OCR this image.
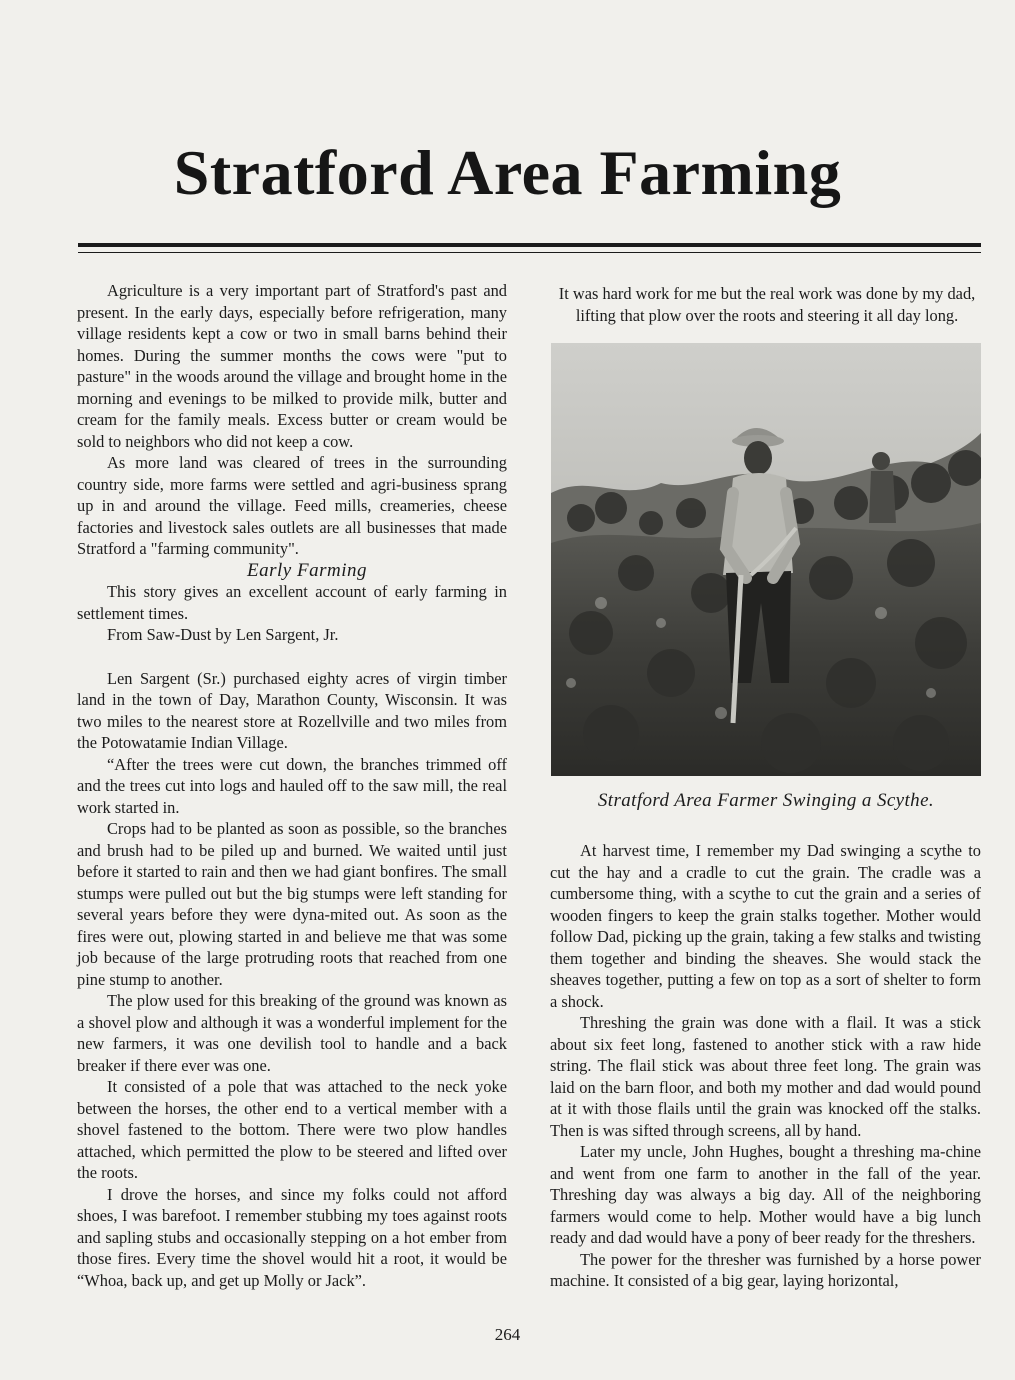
Stratford Area Farming

Agriculture is a very important part of Stratford's past and present. In the early days, especially before refrigeration, many village residents kept a cow or two in small barns behind their homes. During the summer months the cows were "put to pasture" in the woods around the village and brought home in the morning and evenings to be milked to provide milk, butter and cream for the family meals. Excess butter or cream would be sold to neighbors who did not keep a cow.

As more land was cleared of trees in the surrounding country side, more farms were settled and agri-business sprang up in and around the village. Feed mills, creameries, cheese factories and livestock sales outlets are all businesses that made Stratford a "farming community".

Early Farming

This story gives an excellent account of early farming in settlement times.

From Saw-Dust by Len Sargent, Jr.

Len Sargent (Sr.) purchased eighty acres of virgin timber land in the town of Day, Marathon County, Wisconsin. It was two miles to the nearest store at Rozellville and two miles from the Potowatamie Indian Village.

“After the trees were cut down, the branches trimmed off and the trees cut into logs and hauled off to the saw mill, the real work started in.

Crops had to be planted as soon as possible, so the branches and brush had to be piled up and burned. We waited until just before it started to rain and then we had giant bonfires. The small stumps were pulled out but the big stumps were left standing for several years before they were dyna-mited out. As soon as the fires were out, plowing started in and believe me that was some job because of the large protruding roots that reached from one pine stump to another.

The plow used for this breaking of the ground was known as a shovel plow and although it was a wonderful implement for the new farmers, it was one devilish tool to handle and a back breaker if there ever was one.

It consisted of a pole that was attached to the neck yoke between the horses, the other end to a vertical member with a shovel fastened to the bottom. There were two plow handles attached, which permitted the plow to be steered and lifted over the roots.

I drove the horses, and since my folks could not afford shoes, I was barefoot. I remember stubbing my toes against roots and sapling stubs and occasionally stepping on a hot ember from those fires. Every time the shovel would hit a root, it would be “Whoa, back up, and get up Molly or Jack”.

It was hard work for me but the real work was done by my dad, lifting that plow over the roots and steering it all day long.

Stratford Area Farmer Swinging a Scythe.

At harvest time, I remember my Dad swinging a scythe to cut the hay and a cradle to cut the grain. The cradle was a cumbersome thing, with a scythe to cut the grain and a series of wooden fingers to keep the grain stalks together. Mother would follow Dad, picking up the grain, taking a few stalks and twisting them together and binding the sheaves. She would stack the sheaves together, putting a few on top as a sort of shelter to form a shock.

Threshing the grain was done with a flail. It was a stick about six feet long, fastened to another stick with a raw hide string. The flail stick was about three feet long. The grain was laid on the barn floor, and both my mother and dad would pound at it with those flails until the grain was knocked off the stalks. Then is was sifted through screens, all by hand.

Later my uncle, John Hughes, bought a threshing ma-chine and went from one farm to another in the fall of the year. Threshing day was always a big day. All of the neighboring farmers would come to help. Mother would have a big lunch ready and dad would have a pony of beer ready for the threshers.

The power for the thresher was furnished by a horse power machine. It consisted of a big gear, laying horizontal,

264
